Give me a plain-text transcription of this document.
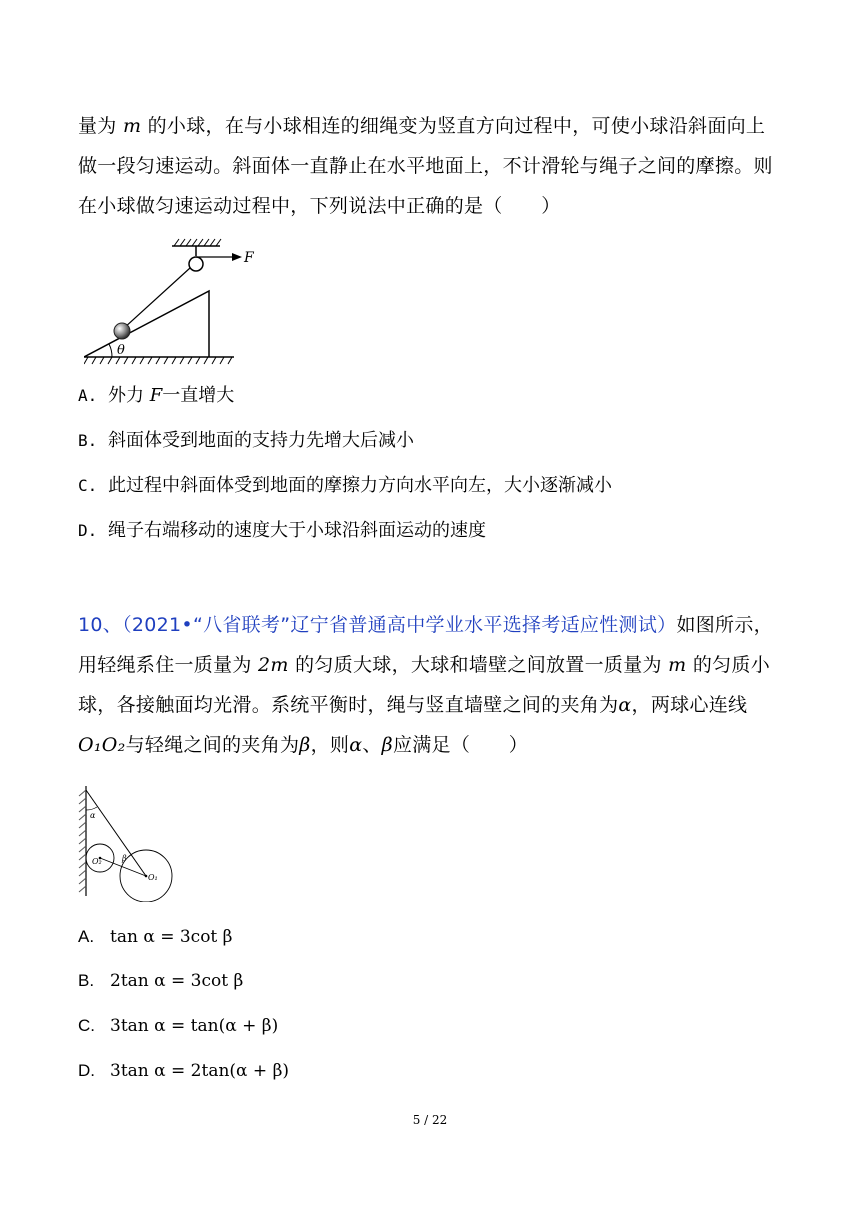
量为 m 的小球，在与小球相连的细绳变为竖直方向过程中，可使小球沿斜面向上做一段匀速运动。斜面体一直静止在水平地面上，不计滑轮与绳子之间的摩擦。则在小球做匀速运动过程中，下列说法中正确的是（　　）
F
θ
A. 外力 F一直增大
B. 斜面体受到地面的支持力先增大后减小
C. 此过程中斜面体受到地面的摩擦力方向水平向左，大小逐渐减小
D. 绳子右端移动的速度大于小球沿斜面运动的速度
10、（2021•“八省联考”辽宁省普通高中学业水平选择考适应性测试）如图所示，用轻绳系住一质量为 2m 的匀质大球，大球和墙壁之间放置一质量为 m 的匀质小球，各接触面均光滑。系统平衡时，绳与竖直墙壁之间的夹角为α，两球心连线O₁O₂与轻绳之间的夹角为β，则α、β应满足（　　）
α
β
O₂
O₁
A. tan α = 3cot β
B. 2tan α = 3cot β
C. 3tan α = tan(α + β)
D. 3tan α = 2tan(α + β)
5 / 22
